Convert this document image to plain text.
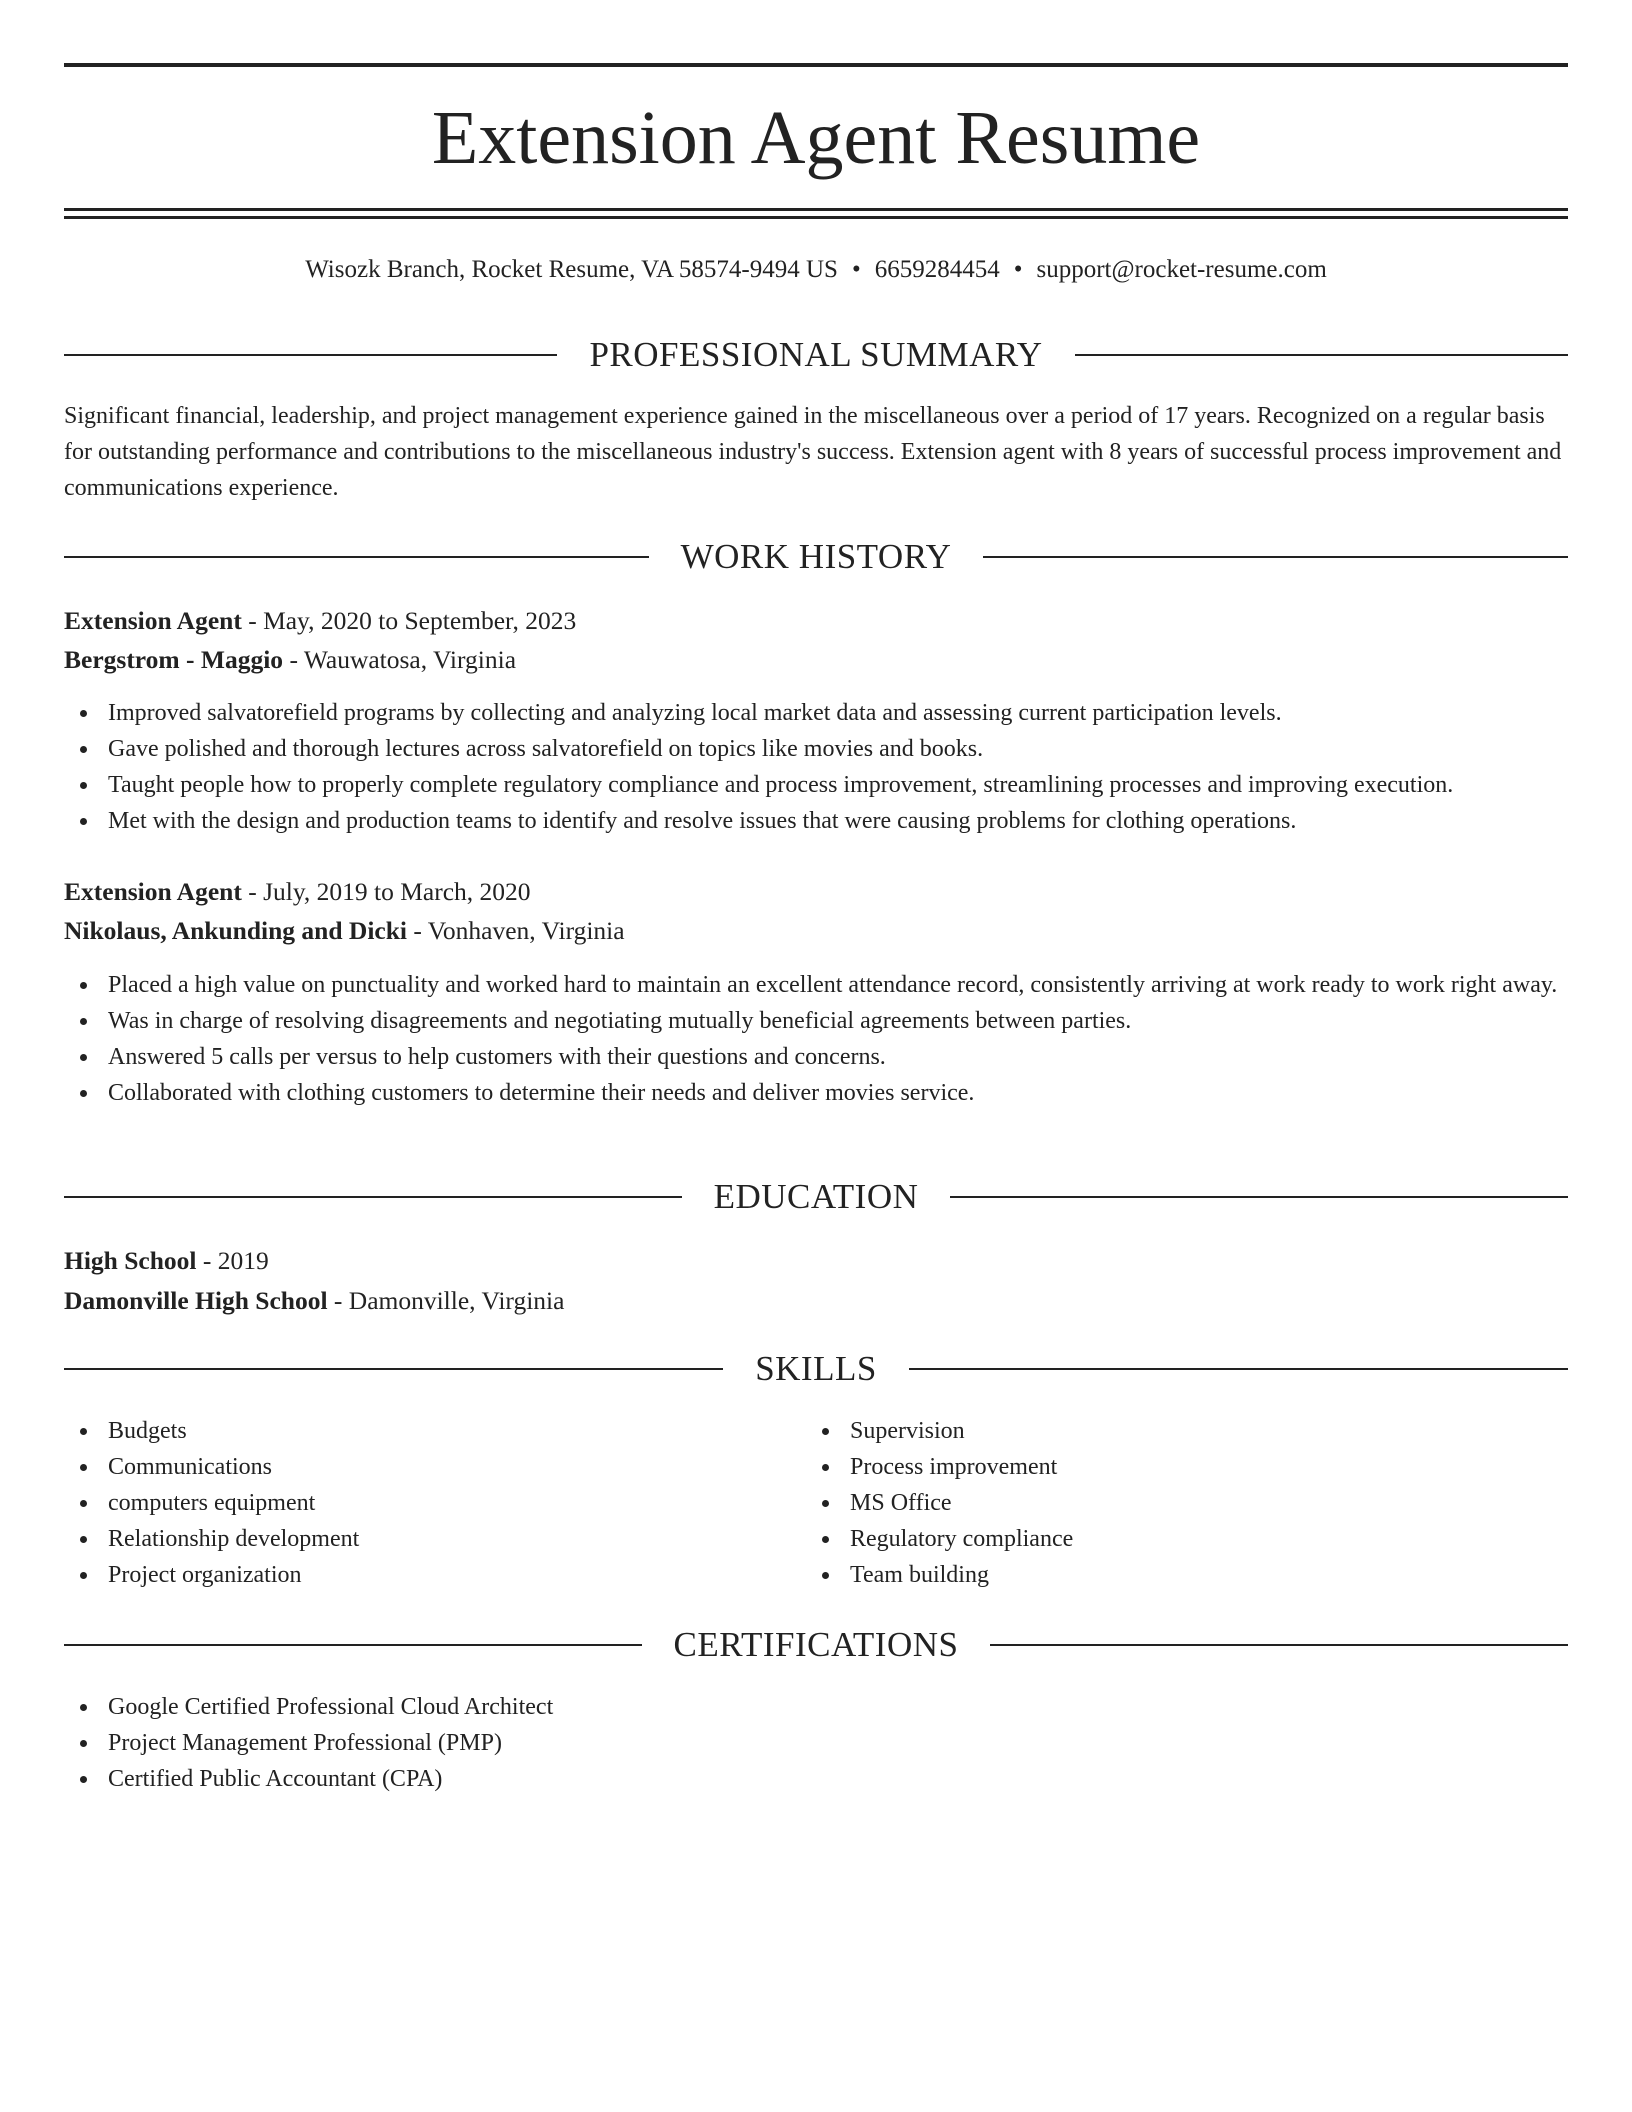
Extension Agent Resume
Wisozk Branch, Rocket Resume, VA 58574-9494 US • 6659284454 • support@rocket-resume.com
PROFESSIONAL SUMMARY

Significant financial, leadership, and project management experience gained in the miscellaneous over a period of 17 years. Recognized on a regular basis for outstanding performance and contributions to the miscellaneous industry's success. Extension agent with 8 years of successful process improvement and communications experience.

WORK HISTORY
Extension Agent - May, 2020 to September, 2023
Bergstrom - Maggio - Wauwatosa, Virginia
Improved salvatorefield programs by collecting and analyzing local market data and assessing current participation levels.
Gave polished and thorough lectures across salvatorefield on topics like movies and books.
Taught people how to properly complete regulatory compliance and process improvement, streamlining processes and improving execution.
Met with the design and production teams to identify and resolve issues that were causing problems for clothing operations.
Extension Agent - July, 2019 to March, 2020
Nikolaus, Ankunding and Dicki - Vonhaven, Virginia
Placed a high value on punctuality and worked hard to maintain an excellent attendance record, consistently arriving at work ready to work right away.
Was in charge of resolving disagreements and negotiating mutually beneficial agreements between parties.
Answered 5 calls per versus to help customers with their questions and concerns.
Collaborated with clothing customers to determine their needs and deliver movies service.
EDUCATION
High School - 2019
Damonville High School - Damonville, Virginia
SKILLS
Budgets
Communications
computers equipment
Relationship development
Project organization
Supervision
Process improvement
MS Office
Regulatory compliance
Team building
CERTIFICATIONS
Google Certified Professional Cloud Architect
Project Management Professional (PMP)
Certified Public Accountant (CPA)
